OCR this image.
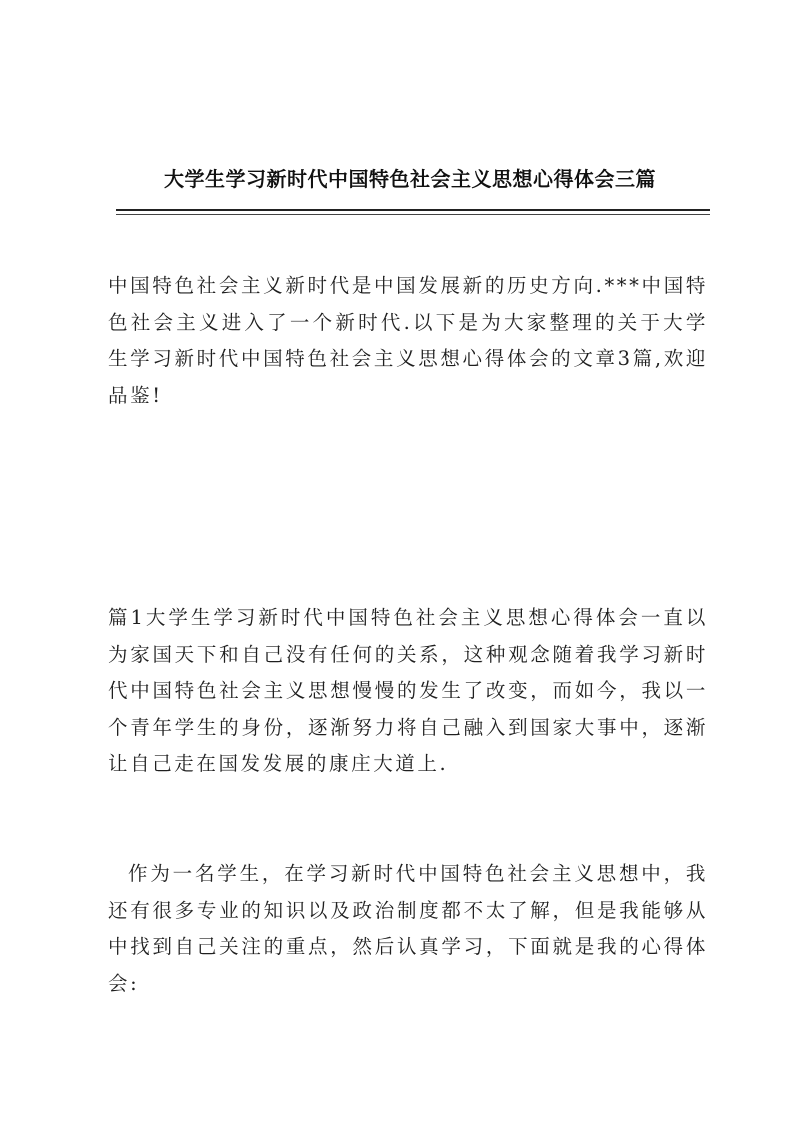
大学生学习新时代中国特色社会主义思想心得体会三篇

中国特色社会主义新时代是中国发展新的历史方向.***中国特色社会主义进入了一个新时代.以下是为大家整理的关于大学生学习新时代中国特色社会主义思想心得体会的文章3篇,欢迎品鉴!

篇1大学生学习新时代中国特色社会主义思想心得体会一直以为家国天下和自己没有任何的关系，这种观念随着我学习新时代中国特色社会主义思想慢慢的发生了改变，而如今，我以一个青年学生的身份，逐渐努力将自己融入到国家大事中，逐渐让自己走在国发发展的康庄大道上.

作为一名学生，在学习新时代中国特色社会主义思想中，我还有很多专业的知识以及政治制度都不太了解，但是我能够从中找到自己关注的重点，然后认真学习，下面就是我的心得体会:
